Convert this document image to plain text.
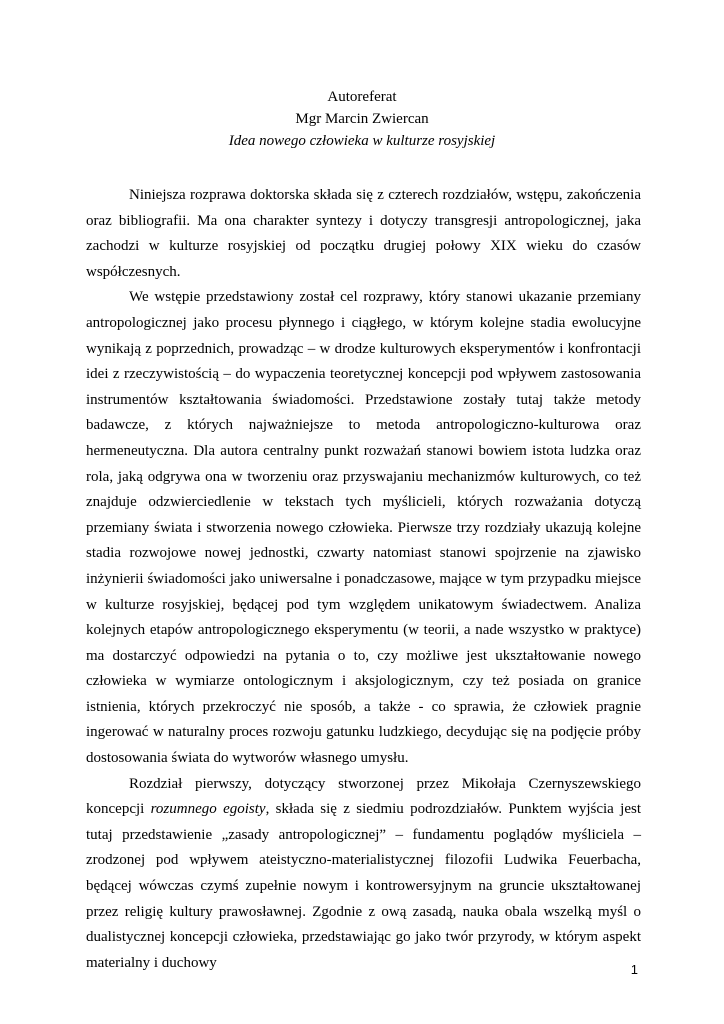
Autoreferat
Mgr Marcin Zwiercan
Idea nowego człowieka w kulturze rosyjskiej

Niniejsza rozprawa doktorska składa się z czterech rozdziałów, wstępu, zakończenia oraz bibliografii. Ma ona charakter syntezy i dotyczy transgresji antropologicznej, jaka zachodzi w kulturze rosyjskiej od początku drugiej połowy XIX wieku do czasów współczesnych.

We wstępie przedstawiony został cel rozprawy, który stanowi ukazanie przemiany antropologicznej jako procesu płynnego i ciągłego, w którym kolejne stadia ewolucyjne wynikają z poprzednich, prowadząc – w drodze kulturowych eksperymentów i konfrontacji idei z rzeczywistością – do wypaczenia teoretycznej koncepcji pod wpływem zastosowania instrumentów kształtowania świadomości. Przedstawione zostały tutaj także metody badawcze, z których najważniejsze to metoda antropologiczno-kulturowa oraz hermeneutyczna. Dla autora centralny punkt rozważań stanowi bowiem istota ludzka oraz rola, jaką odgrywa ona w tworzeniu oraz przyswajaniu mechanizmów kulturowych, co też znajduje odzwierciedlenie w tekstach tych myślicieli, których rozważania dotyczą przemiany świata i stworzenia nowego człowieka. Pierwsze trzy rozdziały ukazują kolejne stadia rozwojowe nowej jednostki, czwarty natomiast stanowi spojrzenie na zjawisko inżynierii świadomości jako uniwersalne i ponadczasowe, mające w tym przypadku miejsce w kulturze rosyjskiej, będącej pod tym względem unikatowym świadectwem. Analiza kolejnych etapów antropologicznego eksperymentu (w teorii, a nade wszystko w praktyce) ma dostarczyć odpowiedzi na pytania o to, czy możliwe jest ukształtowanie nowego człowieka w wymiarze ontologicznym i aksjologicznym, czy też posiada on granice istnienia, których przekroczyć nie sposób, a także - co sprawia, że człowiek pragnie ingerować w naturalny proces rozwoju gatunku ludzkiego, decydując się na podjęcie próby dostosowania świata do wytworów własnego umysłu.

Rozdział pierwszy, dotyczący stworzonej przez Mikołaja Czernyszewskiego koncepcji rozumnego egoisty, składa się z siedmiu podrozdziałów. Punktem wyjścia jest tutaj przedstawienie „zasady antropologicznej” – fundamentu poglądów myśliciela – zrodzonej pod wpływem ateistyczno-materialistycznej filozofii Ludwika Feuerbacha, będącej wówczas czymś zupełnie nowym i kontrowersyjnym na gruncie ukształtowanej przez religię kultury prawosławnej. Zgodnie z ową zasadą, nauka obala wszelką myśl o dualistycznej koncepcji człowieka, przedstawiając go jako twór przyrody, w którym aspekt materialny i duchowy	1
